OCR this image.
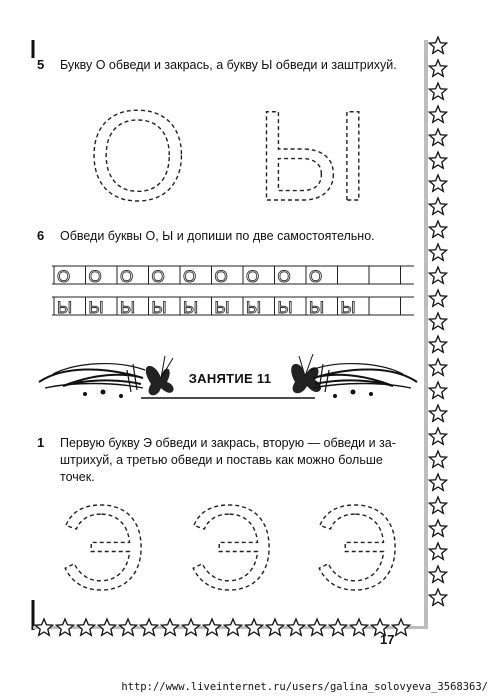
5 Букву О обведи и закрась, а букву Ы обведи и заштрихуй.
О Ы
6 Обведи буквы О, Ы и допиши по две самостоятельно.
О О О О О О О О О
Ы Ы Ы Ы Ы Ы Ы Ы Ы Ы
ЗАНЯТИЕ 11
1 Первую букву Э обведи и закрась, вторую — обведи и за-
штрихуй, а третью обведи и поставь как можно больше
точек.
Э Э Э
17
http://www.liveinternet.ru/users/galina_solovyeva_3568363/
